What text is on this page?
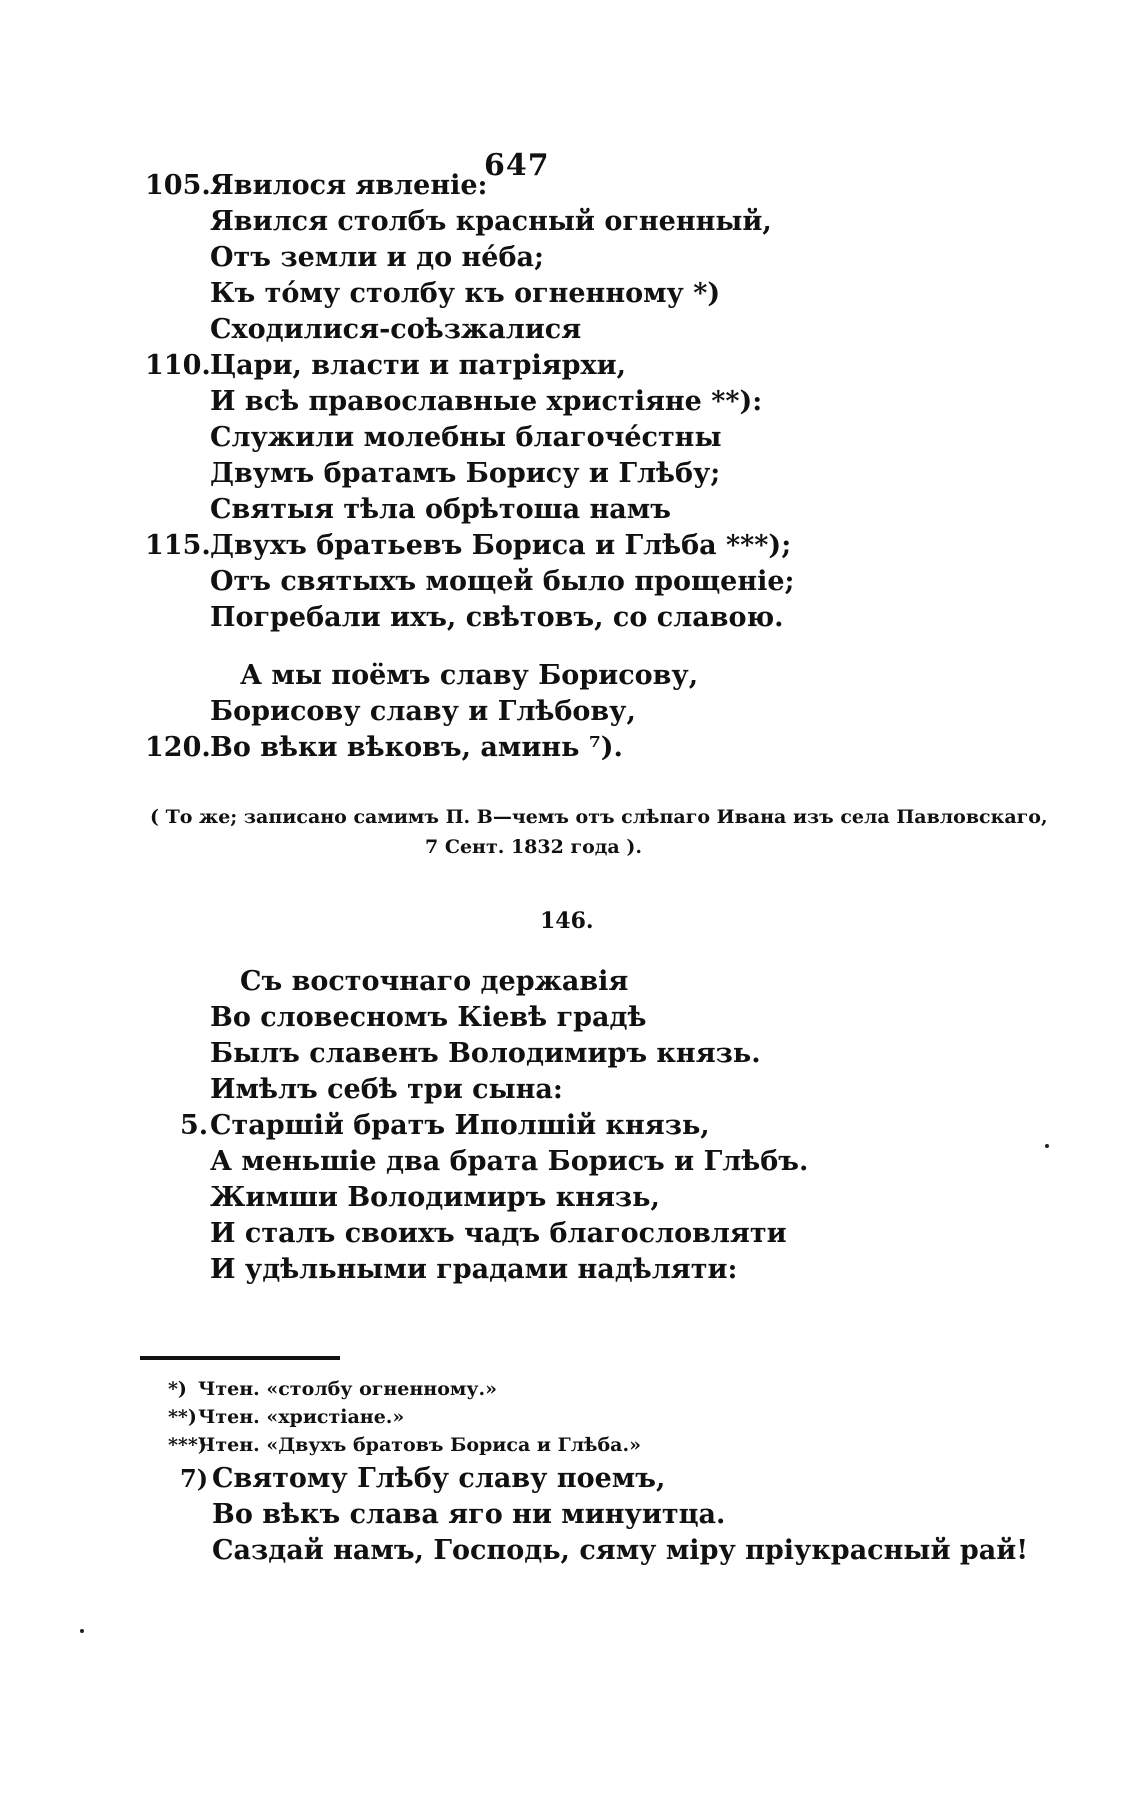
647
105.Явилося явленіе:
Явился столбъ красный огненный,
Отъ земли и до нéба;
Къ тóму столбу къ огненному *)
Сходилися-соѣзжалися
110.Цари, власти и патріярхи,
И всѣ православные христіяне **):
Служили молебны благочéстны
Двумъ братамъ Борису и Глѣбу;
Святыя тѣла обрѣтоша намъ
115.Двухъ братьевъ Бориса и Глѣба ***);
Отъ святыхъ мощей было прощеніе;
Погребали ихъ, свѣтовъ, со славою.
А мы поёмъ славу Борисову,
Борисову славу и Глѣбову,
120.Во вѣки вѣковъ, аминь ⁷).
( То же; записано самимъ П. В—чемъ отъ слѣпаго Ивана изъ села Павловскаго,
7 Сент. 1832 года ).
146.
Съ восточнаго державія
Во словесномъ Кіевѣ градѣ
Былъ славенъ Володимиръ князь.
Имѣлъ себѣ три сына:
5.Старшій братъ Иполшій князь,
А меньшіе два брата Борисъ и Глѣбъ.
Жимши Володимиръ князь,
И сталъ своихъ чадъ благословляти
И удѣльными градами надѣляти:
*) Чтен. «столбу огненному.»
**)Чтен. «христіане.»
***)Чтен. «Двухъ братовъ Бориса и Глѣба.»
7) Святому Глѣбу славу поемъ,
Во вѣкъ слава яго ни минуитца.
Саздай намъ, Господь, сяму міру пріукрасный рай!
